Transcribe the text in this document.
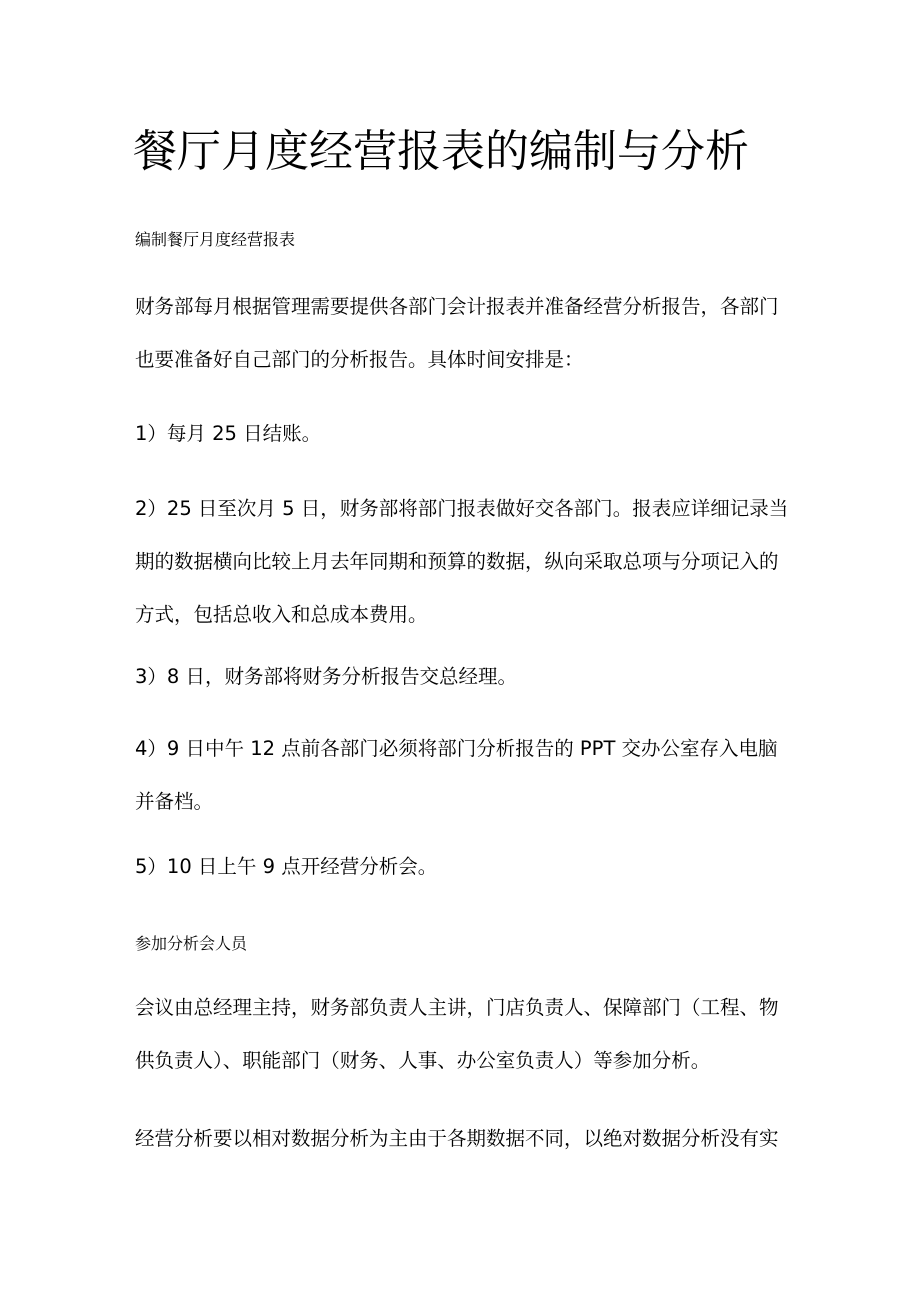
餐厅月度经营报表的编制与分析

编制餐厅月度经营报表

财务部每月根据管理需要提供各部门会计报表并准备经营分析报告，各部门
也要准备好自己部门的分析报告。具体时间安排是：
1）每月 25 日结账。
2）25 日至次月 5 日，财务部将部门报表做好交各部门。报表应详细记录当
期的数据横向比较上月去年同期和预算的数据，纵向采取总项与分项记入的
方式，包括总收入和总成本费用。
3）8 日，财务部将财务分析报告交总经理。
4）9 日中午 12 点前各部门必须将部门分析报告的 PPT 交办公室存入电脑
并备档。
5）10 日上午 9 点开经营分析会。

参加分析会人员

会议由总经理主持，财务部负责人主讲，门店负责人、保障部门（工程、物
供负责人）、职能部门（财务、人事、办公室负责人）等参加分析。
经营分析要以相对数据分析为主由于各期数据不同，以绝对数据分析没有实
